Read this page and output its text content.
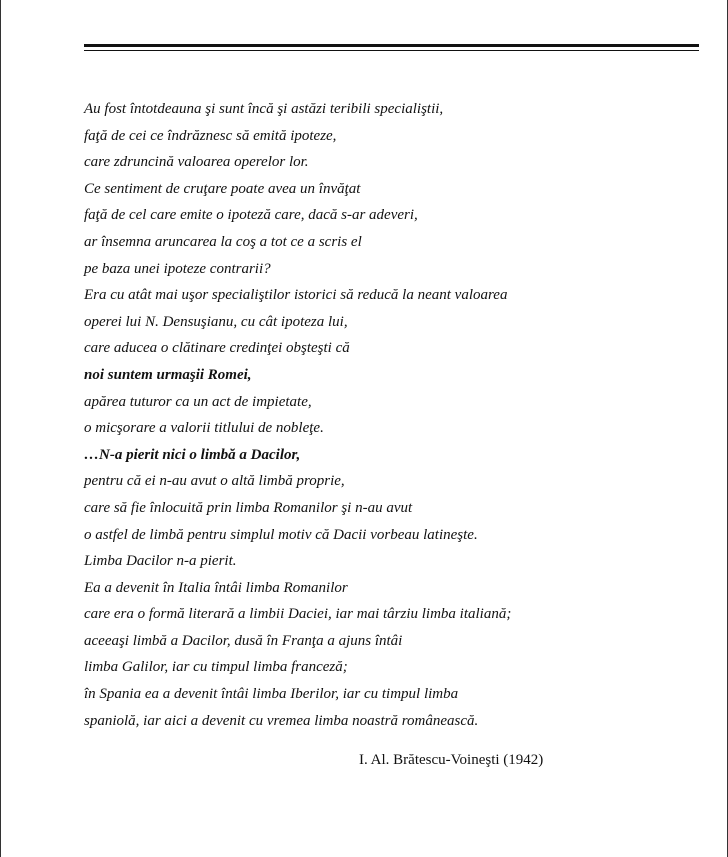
Au fost întotdeauna şi sunt încă şi astăzi teribili specialiştii,
faţă de cei ce îndrăznesc să emită ipoteze,
care zdruncină valoarea operelor lor.
Ce sentiment de cruţare poate avea un învăţat
faţă de cel care emite o ipoteză care, dacă s-ar adeveri,
ar însemna aruncarea la coş a tot ce a scris el
pe baza unei ipoteze contrarii?
Era cu atât mai uşor specialiştilor istorici să reducă la neant valoarea
operei lui N. Densuşianu, cu cât ipoteza lui,
care aducea o clătinare credinţei obşteşti că
noi suntem urmaşii Romei,
apărea tuturor ca un act de impietate,
o micşorare a valorii titlului de nobleţe.
…N-a pierit nici o limbă a Dacilor,
pentru că ei n-au avut o altă limbă proprie,
care să fie înlocuită prin limba Romanilor şi n-au avut
o astfel de limbă pentru simplul motiv că Dacii vorbeau latineşte.
Limba Dacilor n-a pierit.
Ea a devenit în Italia întâi limba Romanilor
care era o formă literară a limbii Daciei, iar mai târziu limba italiană;
aceeaşi limbă a Dacilor, dusă în Franţa a ajuns întâi
limba Galilor, iar cu timpul limba franceză;
în Spania ea a devenit întâi limba Iberilor, iar cu timpul limba
spaniolă, iar aici a devenit cu vremea limba noastră românească.
I. Al. Brătescu-Voineşti (1942)
